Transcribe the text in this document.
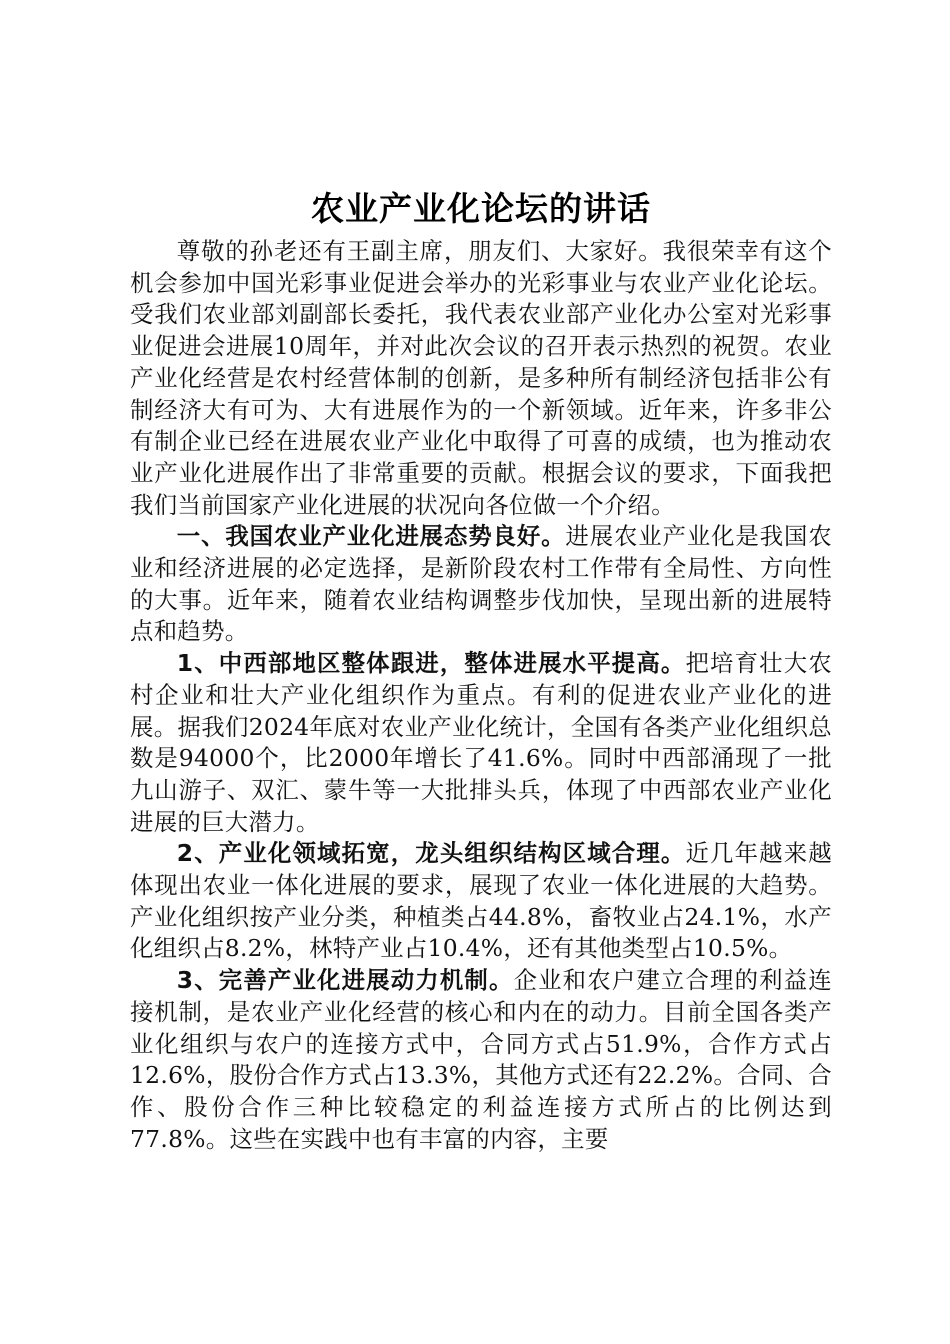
农业产业化论坛的讲话

尊敬的孙老还有王副主席，朋友们、大家好。我很荣幸有这个机会参加中国光彩事业促进会举办的光彩事业与农业产业化论坛。受我们农业部刘副部长委托，我代表农业部产业化办公室对光彩事业促进会进展10周年，并对此次会议的召开表示热烈的祝贺。农业产业化经营是农村经营体制的创新，是多种所有制经济包括非公有制经济大有可为、大有进展作为的一个新领域。近年来，许多非公有制企业已经在进展农业产业化中取得了可喜的成绩，也为推动农业产业化进展作出了非常重要的贡献。根据会议的要求，下面我把我们当前国家产业化进展的状况向各位做一个介绍。

一、我国农业产业化进展态势良好。进展农业产业化是我国农业和经济进展的必定选择，是新阶段农村工作带有全局性、方向性的大事。近年来，随着农业结构调整步伐加快，呈现出新的进展特点和趋势。

1、中西部地区整体跟进，整体进展水平提高。把培育壮大农村企业和壮大产业化组织作为重点。有利的促进农业产业化的进展。据我们2024年底对农业产业化统计，全国有各类产业化组织总数是94000个，比2000年增长了41.6%。同时中西部涌现了一批九山游子、双汇、蒙牛等一大批排头兵，体现了中西部农业产业化进展的巨大潜力。

2、产业化领域拓宽，龙头组织结构区域合理。近几年越来越体现出农业一体化进展的要求，展现了农业一体化进展的大趋势。产业化组织按产业分类，种植类占44.8%，畜牧业占24.1%，水产化组织占8.2%，林特产业占10.4%，还有其他类型占10.5%。

3、完善产业化进展动力机制。企业和农户建立合理的利益连接机制，是农业产业化经营的核心和内在的动力。目前全国各类产业化组织与农户的连接方式中，合同方式占51.9%，合作方式占12.6%，股份合作方式占13.3%，其他方式还有22.2%。合同、合作、股份合作三种比较稳定的利益连接方式所占的比例达到77.8%。这些在实践中也有丰富的内容，主要
